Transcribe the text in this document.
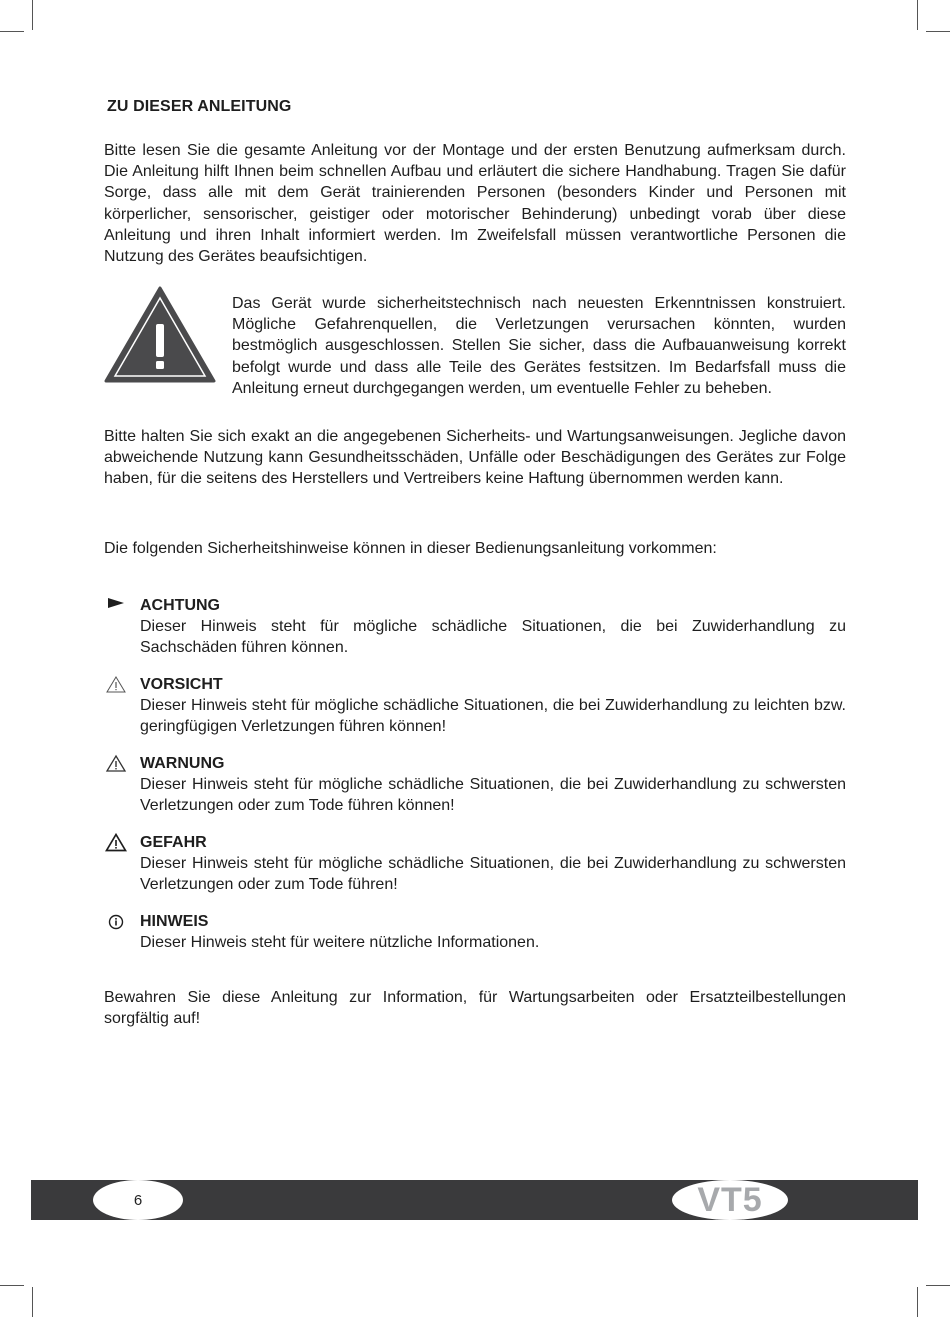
ZU DIESER ANLEITUNG
Bitte lesen Sie die gesamte Anleitung vor der Montage und der ersten Benutzung aufmerksam durch. Die Anleitung hilft Ihnen beim schnellen Aufbau und erläutert die sichere Handhabung. Tragen Sie dafür Sorge, dass alle mit dem Gerät trainierenden Personen (besonders Kinder und Personen mit körperlicher, sensorischer, geistiger oder motorischer Behinderung) unbedingt vorab über diese Anleitung und ihren Inhalt informiert werden. Im Zweifelsfall müssen verantwortliche Personen die Nutzung des Gerätes beaufsichtigen.
Das Gerät wurde sicherheitstechnisch nach neuesten Erkenntnissen konstruiert. Mögliche Gefahrenquellen, die Verletzungen verursachen könnten, wurden bestmöglich ausgeschlossen. Stellen Sie sicher, dass die Aufbauanweisung korrekt befolgt wurde und dass alle Teile des Gerätes festsitzen. Im Bedarfsfall muss die Anleitung erneut durchgegangen werden, um eventuelle Fehler zu beheben.
Bitte halten Sie sich exakt an die angegebenen Sicherheits- und Wartungsanweisungen. Jegliche davon abweichende Nutzung kann Gesundheitsschäden, Unfälle oder Beschädigungen des Gerätes zur Folge haben, für die seitens des Herstellers und Vertreibers keine Haftung übernommen werden kann.
Die folgenden Sicherheitshinweise können in dieser Bedienungsanleitung vorkommen:
ACHTUNG
Dieser Hinweis steht für mögliche schädliche Situationen, die bei Zuwiderhandlung zu Sachschäden führen können.
VORSICHT
Dieser Hinweis steht für mögliche schädliche Situationen, die bei Zuwiderhandlung zu leichten bzw. geringfügigen Verletzungen führen können!
WARNUNG
Dieser Hinweis steht für mögliche schädliche Situationen, die bei Zuwiderhandlung zu schwersten Verletzungen oder zum Tode führen können!
GEFAHR
Dieser Hinweis steht für mögliche schädliche Situationen, die bei Zuwiderhandlung zu schwersten Verletzungen oder zum Tode führen!
HINWEIS
Dieser Hinweis steht für weitere nützliche Informationen.
Bewahren Sie diese Anleitung zur Information, für Wartungsarbeiten oder Ersatzteilbestellungen sorgfältig auf!
6	VT5
